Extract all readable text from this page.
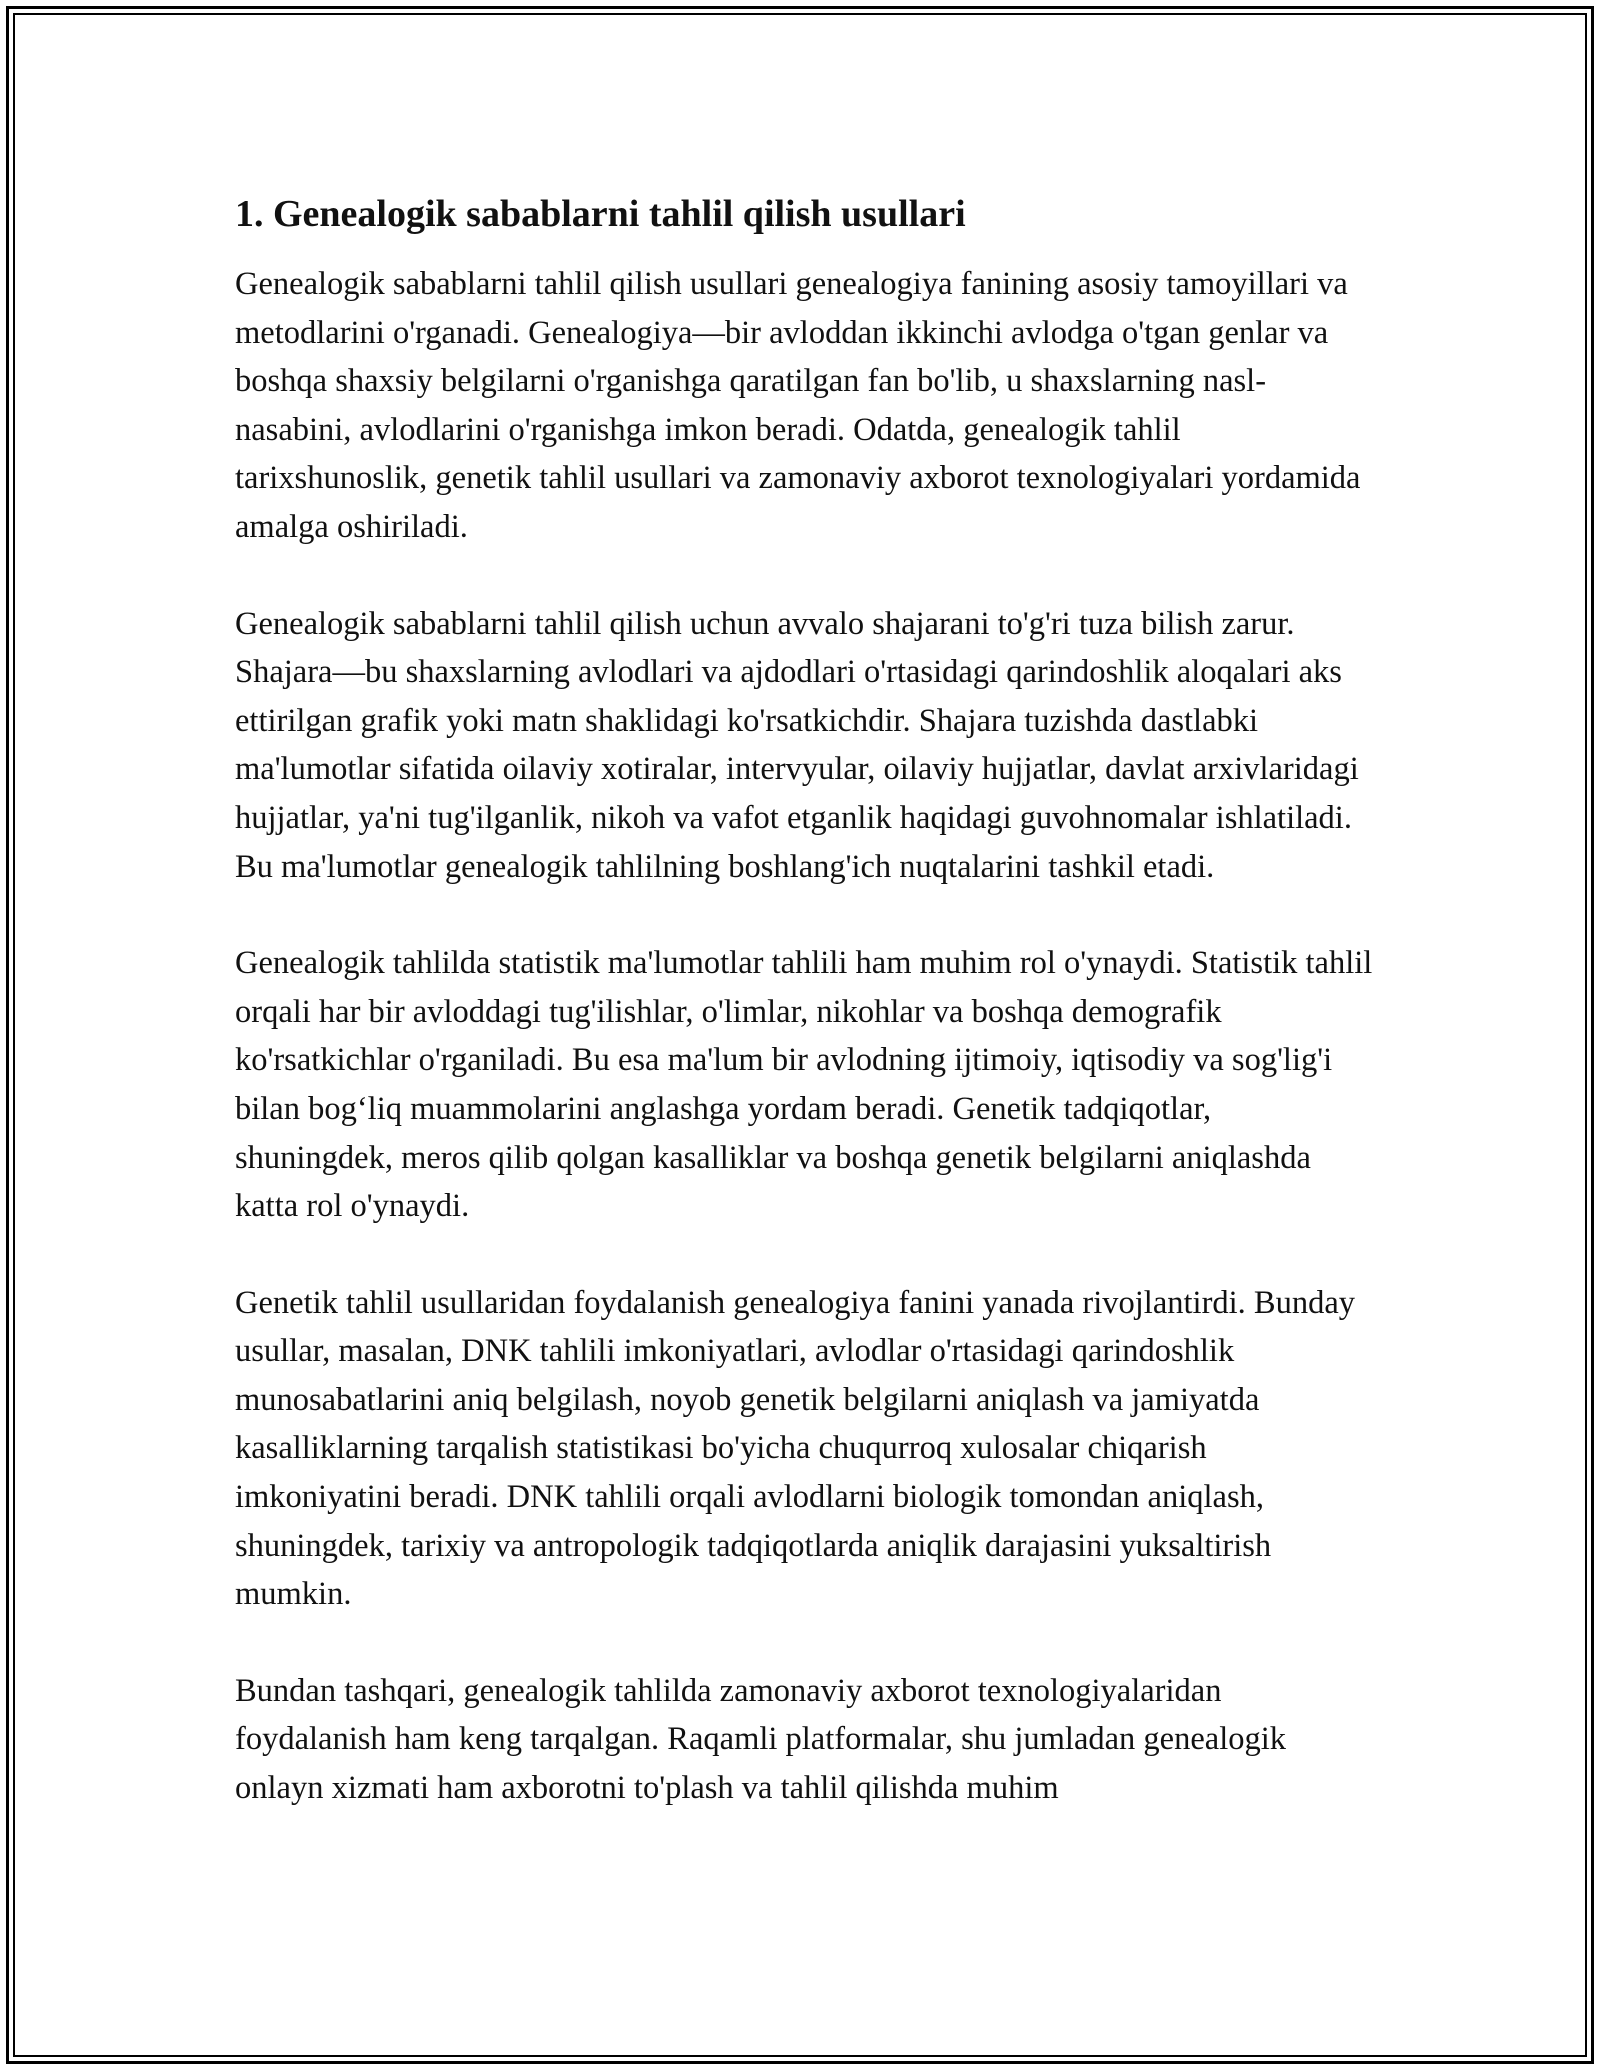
1. Genealogik sabablarni tahlil qilish usullari

Genealogik sabablarni tahlil qilish usullari genealogiya fanining asosiy tamoyillari va metodlarini o'rganadi. Genealogiya—bir avloddan ikkinchi avlodga o'tgan genlar va boshqa shaxsiy belgilarni o'rganishga qaratilgan fan bo'lib, u shaxslarning nasl-nasabini, avlodlarini o'rganishga imkon beradi. Odatda, genealogik tahlil tarixshunoslik, genetik tahlil usullari va zamonaviy axborot texnologiyalari yordamida amalga oshiriladi.

Genealogik sabablarni tahlil qilish uchun avvalo shajarani to'g'ri tuza bilish zarur. Shajara—bu shaxslarning avlodlari va ajdodlari o'rtasidagi qarindoshlik aloqalari aks ettirilgan grafik yoki matn shaklidagi ko'rsatkichdir. Shajara tuzishda dastlabki ma'lumotlar sifatida oilaviy xotiralar, intervyular, oilaviy hujjatlar, davlat arxivlaridagi hujjatlar, ya'ni tug'ilganlik, nikoh va vafot etganlik haqidagi guvohnomalar ishlatiladi. Bu ma'lumotlar genealogik tahlilning boshlang'ich nuqtalarini tashkil etadi.

Genealogik tahlilda statistik ma'lumotlar tahlili ham muhim rol o'ynaydi. Statistik tahlil orqali har bir avloddagi tug'ilishlar, o'limlar, nikohlar va boshqa demografik ko'rsatkichlar o'rganiladi. Bu esa ma'lum bir avlodning ijtimoiy, iqtisodiy va sog'lig'i bilan bog‘liq muammolarini anglashga yordam beradi. Genetik tadqiqotlar, shuningdek, meros qilib qolgan kasalliklar va boshqa genetik belgilarni aniqlashda katta rol o'ynaydi.

Genetik tahlil usullaridan foydalanish genealogiya fanini yanada rivojlantirdi. Bunday usullar, masalan, DNK tahlili imkoniyatlari, avlodlar o'rtasidagi qarindoshlik munosabatlarini aniq belgilash, noyob genetik belgilarni aniqlash va jamiyatda kasalliklarning tarqalish statistikasi bo'yicha chuqurroq xulosalar chiqarish imkoniyatini beradi. DNK tahlili orqali avlodlarni biologik tomondan aniqlash, shuningdek, tarixiy va antropologik tadqiqotlarda aniqlik darajasini yuksaltirish mumkin.

Bundan tashqari, genealogik tahlilda zamonaviy axborot texnologiyalaridan foydalanish ham keng tarqalgan. Raqamli platformalar, shu jumladan genealogik onlayn xizmati ham axborotni to'plash va tahlil qilishda muhim
